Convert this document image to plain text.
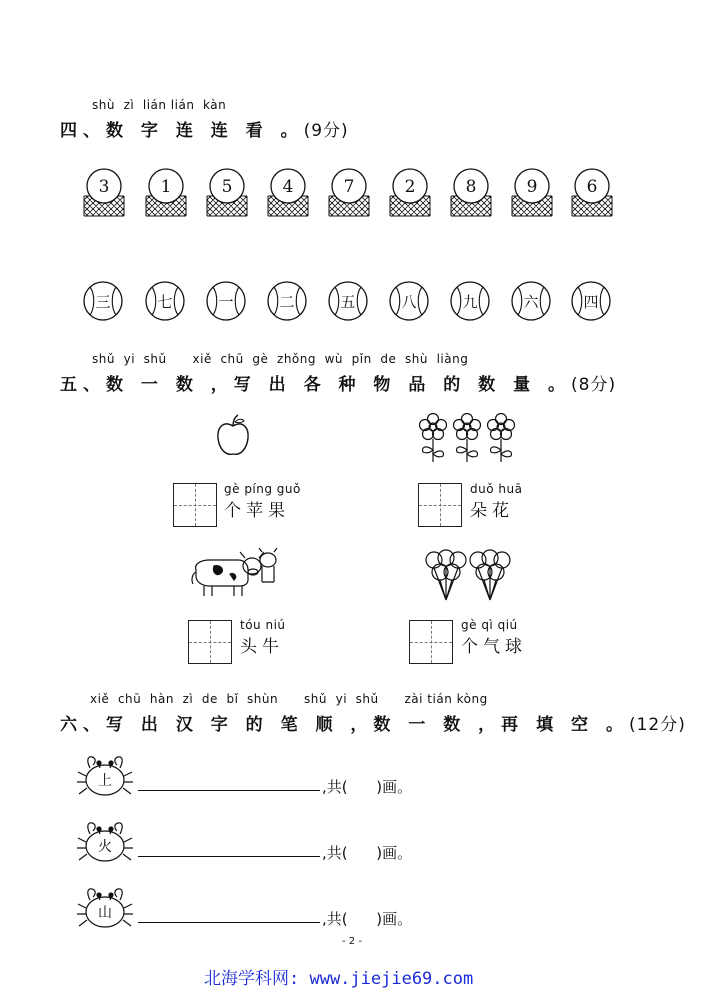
shù  zì  lián lián  kàn
四、数 字 连 连 看 。(9分)
3	1	5	4	7	2	8	9	6
三	七	一	二	五	八	九	六	四
shǔ  yi  shǔ      xiě  chū  gè  zhǒng  wù  pǐn  de  shù  liàng
五、数 一 数 ，写 出 各 种 物 品 的 数 量 。(8分)
gè píng guǒ
个苹果
duǒ huā
朵花
tóu niú
头牛
gè qì qiú
个气球
xiě  chū  hàn  zì  de  bǐ  shùn      shǔ  yi  shǔ      zài tián kòng
六、写 出 汉 字 的 笔 顺 ，数 一 数 ，再 填 空 。(12分)
上	,共(      )画。
火	,共(      )画。
山	,共(      )画。
- 2 -
北海学科网: www.jiejie69.com
